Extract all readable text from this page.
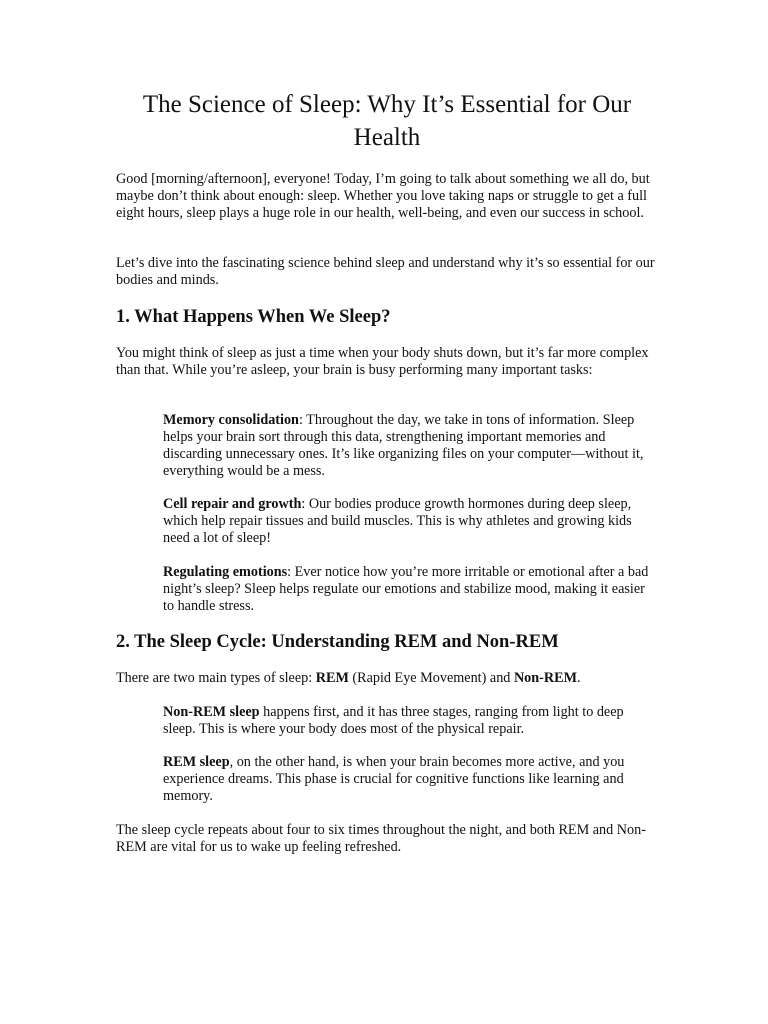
The Science of Sleep: Why It’s Essential for Our Health

Good [morning/afternoon], everyone! Today, I’m going to talk about something we all do, but maybe don’t think about enough: sleep. Whether you love taking naps or struggle to get a full eight hours, sleep plays a huge role in our health, well-being, and even our success in school.

Let’s dive into the fascinating science behind sleep and understand why it’s so essential for our bodies and minds.

1. What Happens When We Sleep?

You might think of sleep as just a time when your body shuts down, but it’s far more complex than that. While you’re asleep, your brain is busy performing many important tasks:

Memory consolidation: Throughout the day, we take in tons of information. Sleep helps your brain sort through this data, strengthening important memories and discarding unnecessary ones. It’s like organizing files on your computer—without it, everything would be a mess.

Cell repair and growth: Our bodies produce growth hormones during deep sleep, which help repair tissues and build muscles. This is why athletes and growing kids need a lot of sleep!

Regulating emotions: Ever notice how you’re more irritable or emotional after a bad night’s sleep? Sleep helps regulate our emotions and stabilize mood, making it easier to handle stress.

2. The Sleep Cycle: Understanding REM and Non-REM

There are two main types of sleep: REM (Rapid Eye Movement) and Non-REM.

Non-REM sleep happens first, and it has three stages, ranging from light to deep sleep. This is where your body does most of the physical repair.

REM sleep, on the other hand, is when your brain becomes more active, and you experience dreams. This phase is crucial for cognitive functions like learning and memory.

The sleep cycle repeats about four to six times throughout the night, and both REM and Non-REM are vital for us to wake up feeling refreshed.
